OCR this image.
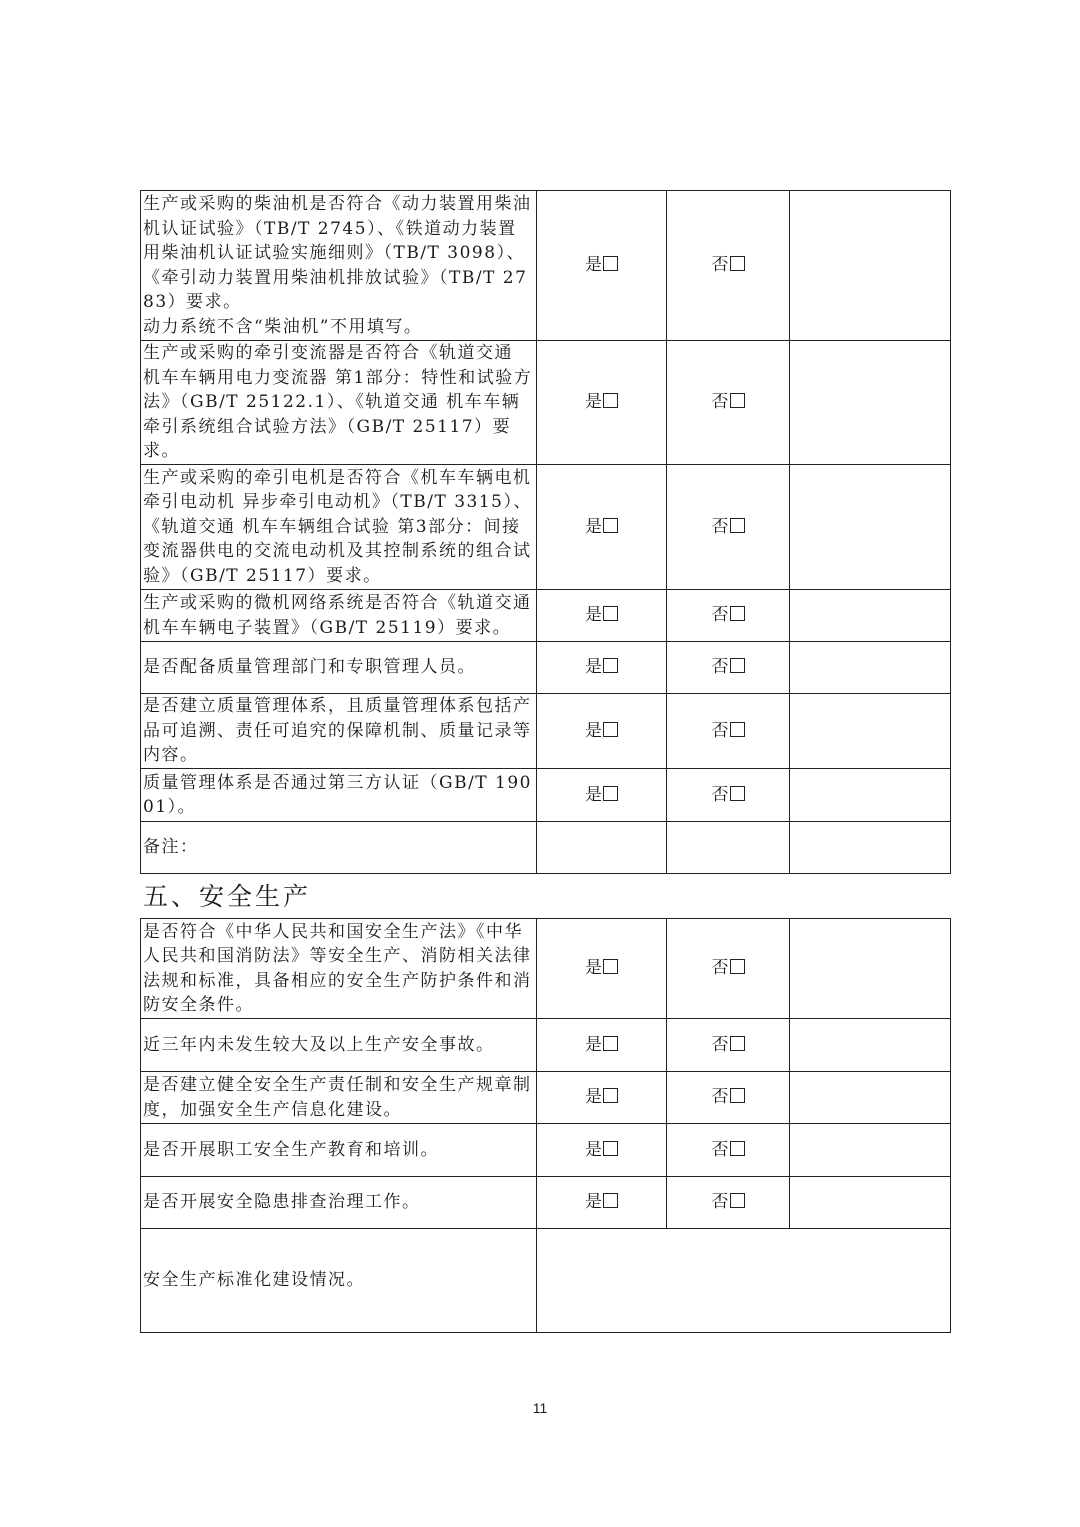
生产或采购的柴油机是否符合《动力装置用柴油机认证试验》（TB/T 2745）、《铁道动力装置用柴油机认证试验实施细则》（TB/T 3098）、《牵引动力装置用柴油机排放试验》（TB/T 2783）要求。
动力系统不含“柴油机”不用填写。	是	否	
生产或采购的牵引变流器是否符合《轨道交通 机车车辆用电力变流器 第1部分：特性和试验方法》（GB/T 25122.1）、《轨道交通 机车车辆 牵引系统组合试验方法》（GB/T 25117）要求。	是	否	
生产或采购的牵引电机是否符合《机车车辆电机 牵引电动机 异步牵引电动机》（TB/T 3315）、《轨道交通 机车车辆组合试验 第3部分：间接变流器供电的交流电动机及其控制系统的组合试验》（GB/T 25117）要求。	是	否	
生产或采购的微机网络系统是否符合《轨道交通 机车车辆电子装置》（GB/T 25119）要求。	是	否	
是否配备质量管理部门和专职管理人员。	是	否	
是否建立质量管理体系，且质量管理体系包括产品可追溯、责任可追究的保障机制、质量记录等内容。	是	否	
质量管理体系是否通过第三方认证（GB/T 19001）。	是	否	
备注：			
五、安全生产
是否符合《中华人民共和国安全生产法》《中华人民共和国消防法》等安全生产、消防相关法律法规和标准，具备相应的安全生产防护条件和消防安全条件。	是	否	
近三年内未发生较大及以上生产安全事故。	是	否	
是否建立健全安全生产责任制和安全生产规章制度，加强安全生产信息化建设。	是	否	
是否开展职工安全生产教育和培训。	是	否	
是否开展安全隐患排查治理工作。	是	否	
安全生产标准化建设情况。			
11
